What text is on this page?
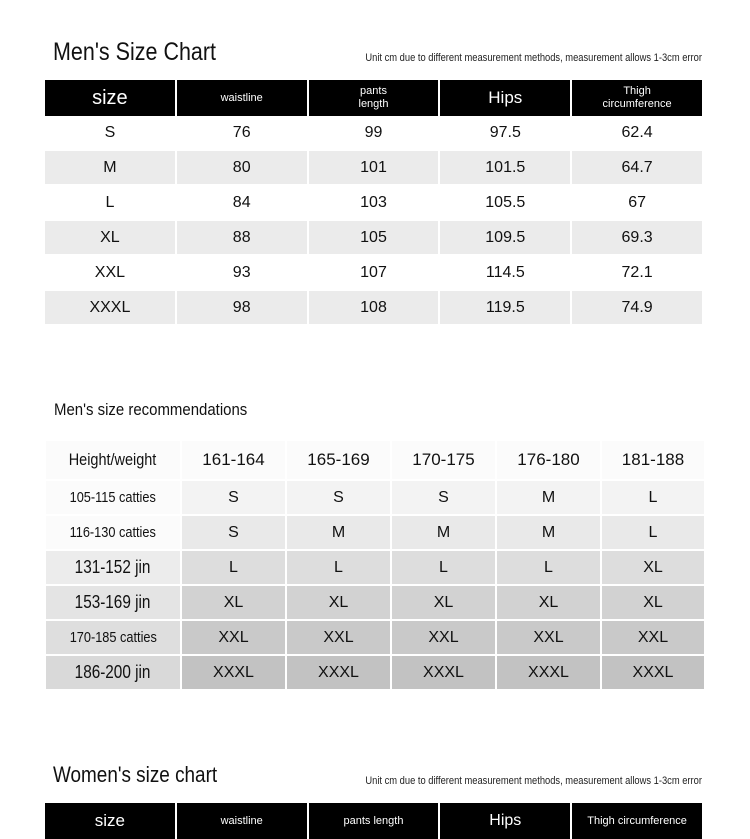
Men's Size Chart	Unit cm due to different measurement methods, measurement allows 1-3cm error
size	waistline	pants length	Hips	Thigh circumference
S	76	99	97.5	62.4
M	80	101	101.5	64.7
L	84	103	105.5	67
XL	88	105	109.5	69.3
XXL	93	107	114.5	72.1
XXXL	98	108	119.5	74.9
Men's size recommendations
Height/weight	161-164	165-169	170-175	176-180	181-188
105-115 catties	S	S	S	M	L
116-130 catties	S	M	M	M	L
131-152 jin	L	L	L	L	XL
153-169 jin	XL	XL	XL	XL	XL
170-185 catties	XXL	XXL	XXL	XXL	XXL
186-200 jin	XXXL	XXXL	XXXL	XXXL	XXXL
Women's size chart	Unit cm due to different measurement methods, measurement allows 1-3cm error
size	waistline	pants length	Hips	Thigh circumference
